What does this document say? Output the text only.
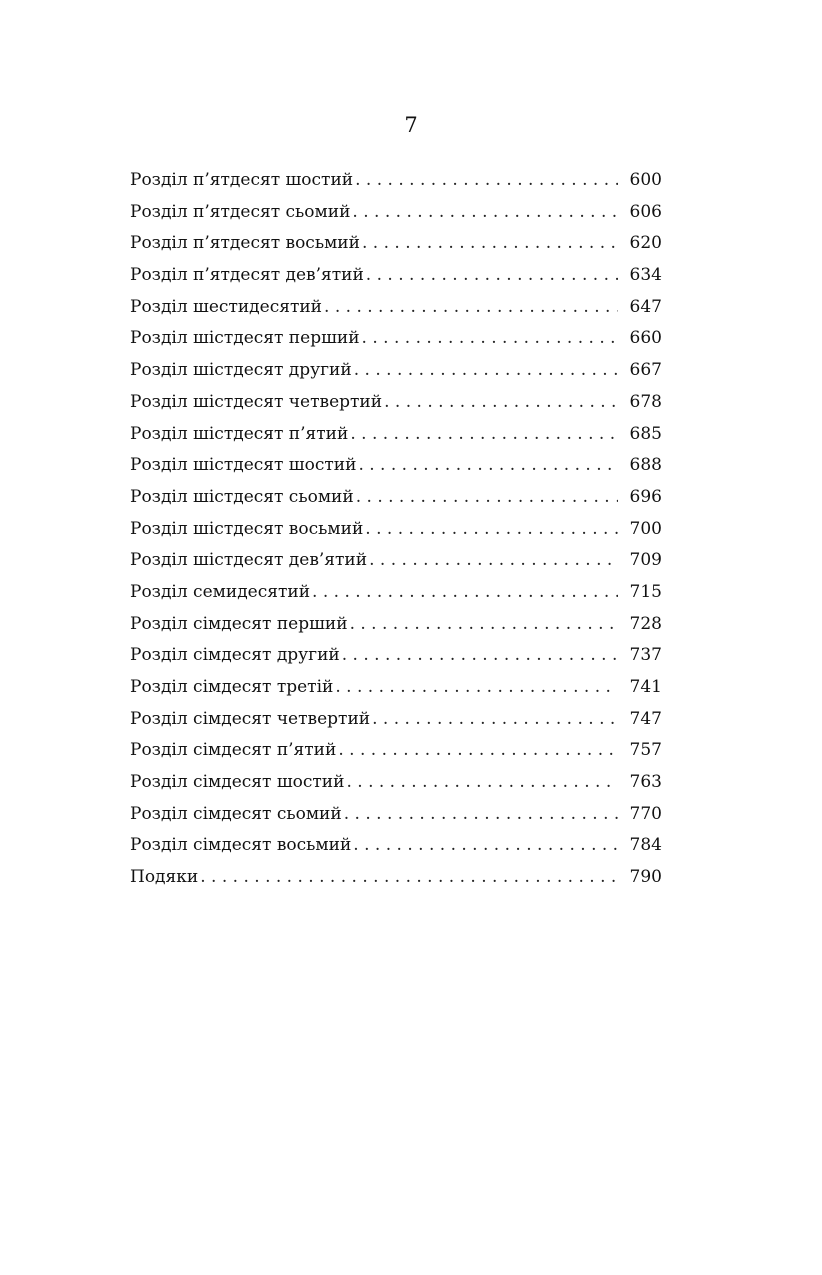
7
Розділ п’ятдесят шостий . . .	600
Розділ п’ятдесят сьомий . . .	606
Розділ п’ятдесят восьмий . . .	620
Розділ п’ятдесят дев’ятий . . .	634
Розділ шестидесятий . . .	647
Розділ шістдесят перший . . .	660
Розділ шістдесят другий . . .	667
Розділ шістдесят четвертий . . .	678
Розділ шістдесят п’ятий . . .	685
Розділ шістдесят шостий . . .	688
Розділ шістдесят сьомий . . .	696
Розділ шістдесят восьмий . . .	700
Розділ шістдесят дев’ятий . . .	709
Розділ семидесятий . . .	715
Розділ сімдесят перший . . .	728
Розділ сімдесят другий . . .	737
Розділ сімдесят третій . . .	741
Розділ сімдесят четвертий . . .	747
Розділ сімдесят п’ятий . . .	757
Розділ сімдесят шостий . . .	763
Розділ сімдесят сьомий . . .	770
Розділ сімдесят восьмий . . .	784
Подяки . . .	790
